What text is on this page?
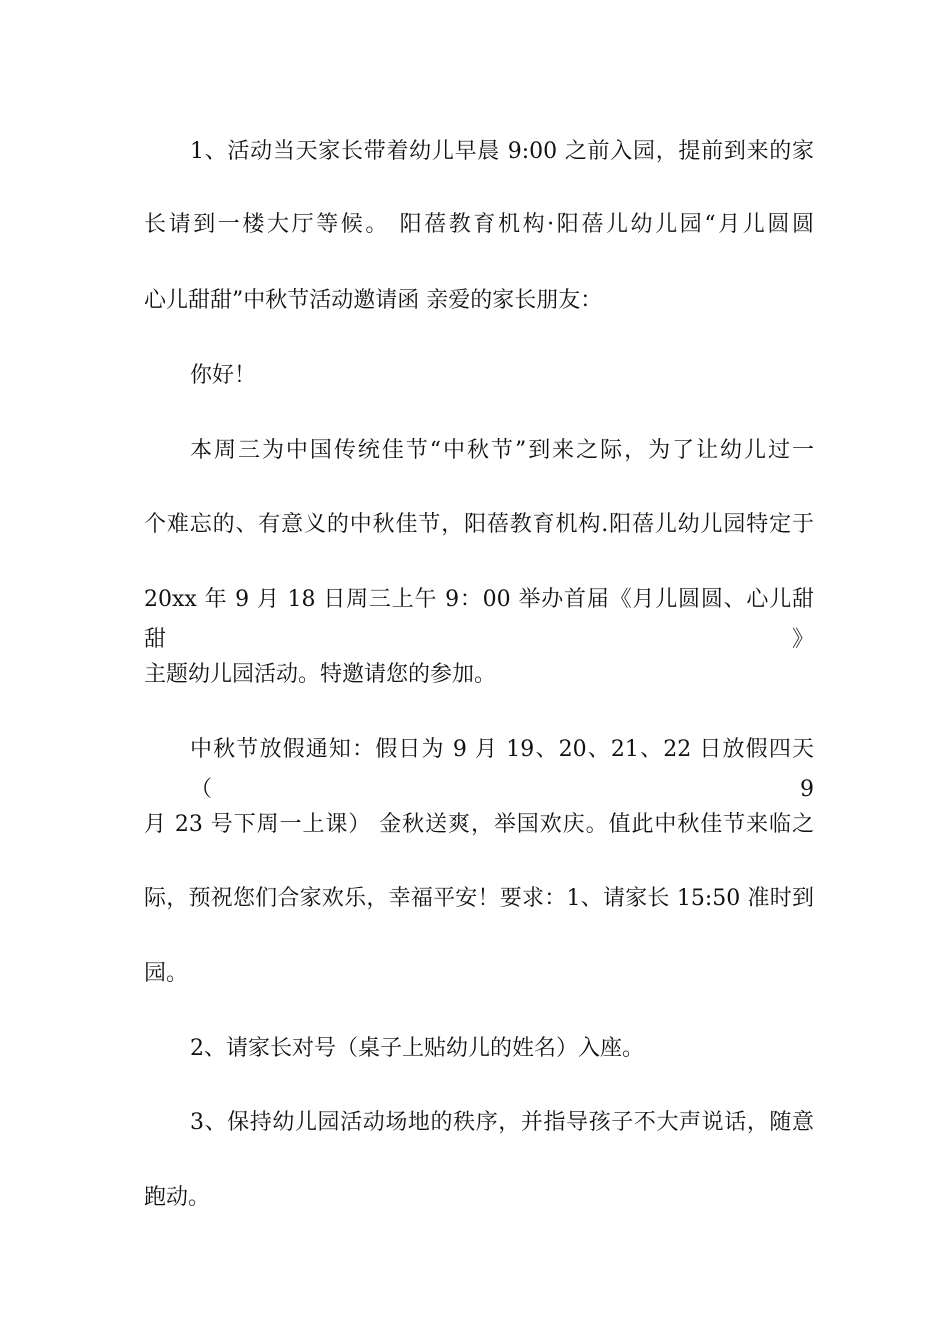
1、活动当天家长带着幼儿早晨 9:00 之前入园，提前到来的家
长请到一楼大厅等候。 阳蓓教育机构·阳蓓儿幼儿园“月儿圆圆
心儿甜甜”中秋节活动邀请函 亲爱的家长朋友：
你好！
本周三为中国传统佳节“中秋节”到来之际，为了让幼儿过一
个难忘的、有意义的中秋佳节，阳蓓教育机构.阳蓓儿幼儿园特定于
20xx 年 9 月 18 日周三上午 9：00 举办首届《月儿圆圆、心儿甜甜》
主题幼儿园活动。特邀请您的参加。
中秋节放假通知：假日为 9 月 19、20、21、22 日放假四天（9
月 23 号下周一上课） 金秋送爽，举国欢庆。值此中秋佳节来临之
际，预祝您们合家欢乐，幸福平安！要求：1、请家长 15:50 准时到
园。
2、请家长对号（桌子上贴幼儿的姓名）入座。
3、保持幼儿园活动场地的秩序，并指导孩子不大声说话，随意
跑动。
